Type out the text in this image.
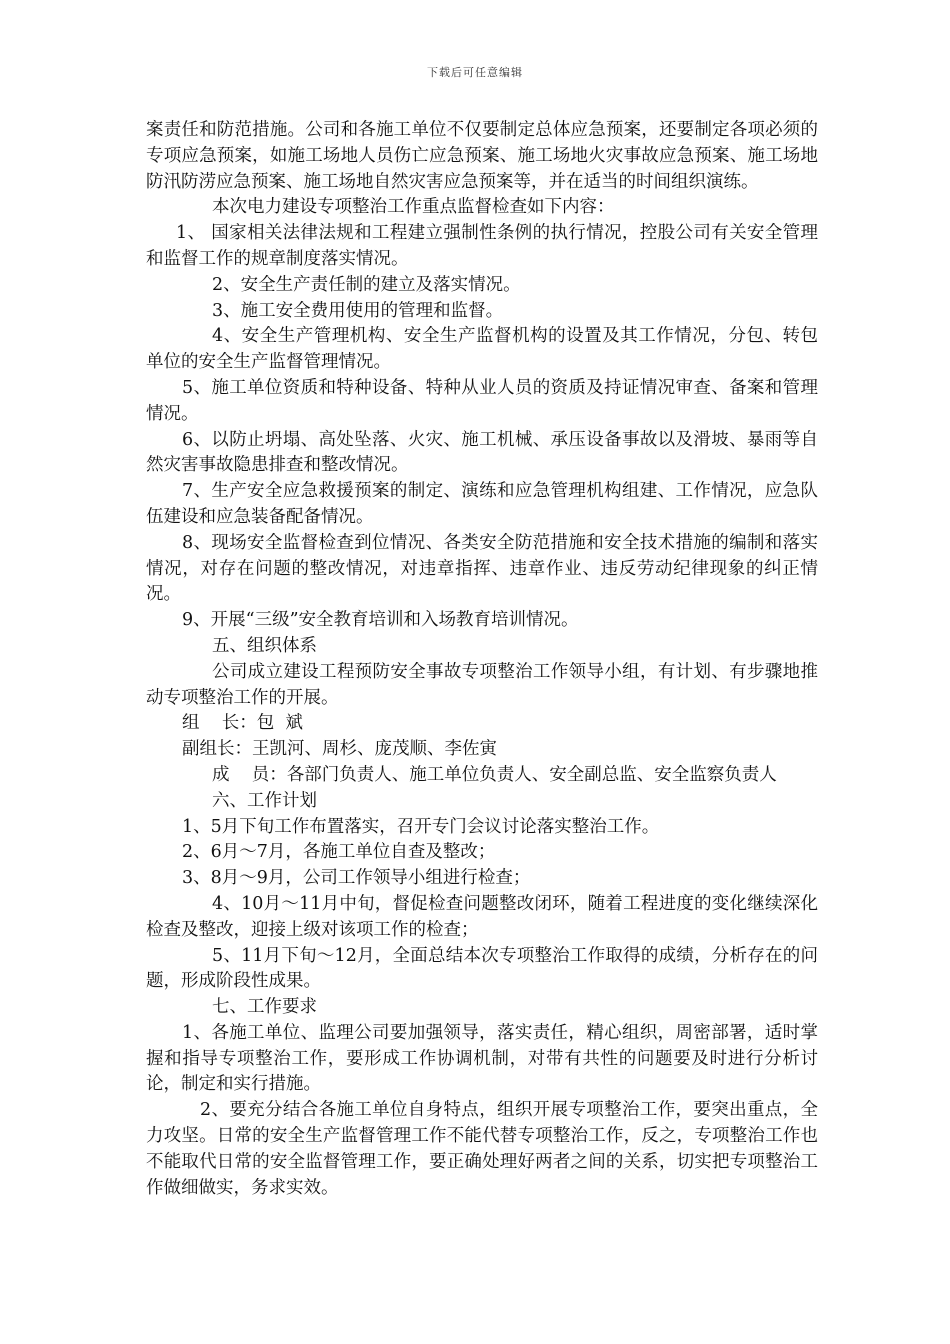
下载后可任意编辑

案责任和防范措施。公司和各施工单位不仅要制定总体应急预案，还要制定各项必须的专项应急预案，如施工场地人员伤亡应急预案、施工场地火灾事故应急预案、施工场地防汛防涝应急预案、施工场地自然灾害应急预案等，并在适当的时间组织演练。

本次电力建设专项整治工作重点监督检查如下内容：

1、 国家相关法律法规和工程建立强制性条例的执行情况，控股公司有关安全管理和监督工作的规章制度落实情况。

2、安全生产责任制的建立及落实情况。

3、施工安全费用使用的管理和监督。

4、安全生产管理机构、安全生产监督机构的设置及其工作情况，分包、转包单位的安全生产监督管理情况。

5、施工单位资质和特种设备、特种从业人员的资质及持证情况审查、备案和管理情况。

6、以防止坍塌、高处坠落、火灾、施工机械、承压设备事故以及滑坡、暴雨等自然灾害事故隐患排查和整改情况。

7、生产安全应急救援预案的制定、演练和应急管理机构组建、工作情况，应急队伍建设和应急装备配备情况。

8、现场安全监督检查到位情况、各类安全防范措施和安全技术措施的编制和落实情况，对存在问题的整改情况，对违章指挥、违章作业、违反劳动纪律现象的纠正情况。

9、开展“三级”安全教育培训和入场教育培训情况。

五、组织体系

公司成立建设工程预防安全事故专项整治工作领导小组，有计划、有步骤地推动专项整治工作的开展。

组    长：包  斌

副组长：王凯河、周杉、庞茂顺、李佐寅

成    员：各部门负责人、施工单位负责人、安全副总监、安全监察负责人

六、工作计划

1、5月下旬工作布置落实，召开专门会议讨论落实整治工作。

2、6月～7月，各施工单位自查及整改；

3、8月～9月，公司工作领导小组进行检查；

4、10月～11月中旬，督促检查问题整改闭环，随着工程进度的变化继续深化检查及整改，迎接上级对该项工作的检查；

5、11月下旬～12月，全面总结本次专项整治工作取得的成绩，分析存在的问题，形成阶段性成果。

七、工作要求

1、各施工单位、监理公司要加强领导，落实责任，精心组织，周密部署，适时掌握和指导专项整治工作，要形成工作协调机制，对带有共性的问题要及时进行分析讨论，制定和实行措施。

2、要充分结合各施工单位自身特点，组织开展专项整治工作，要突出重点，全力攻坚。日常的安全生产监督管理工作不能代替专项整治工作，反之，专项整治工作也不能取代日常的安全监督管理工作，要正确处理好两者之间的关系，切实把专项整治工作做细做实，务求实效。
